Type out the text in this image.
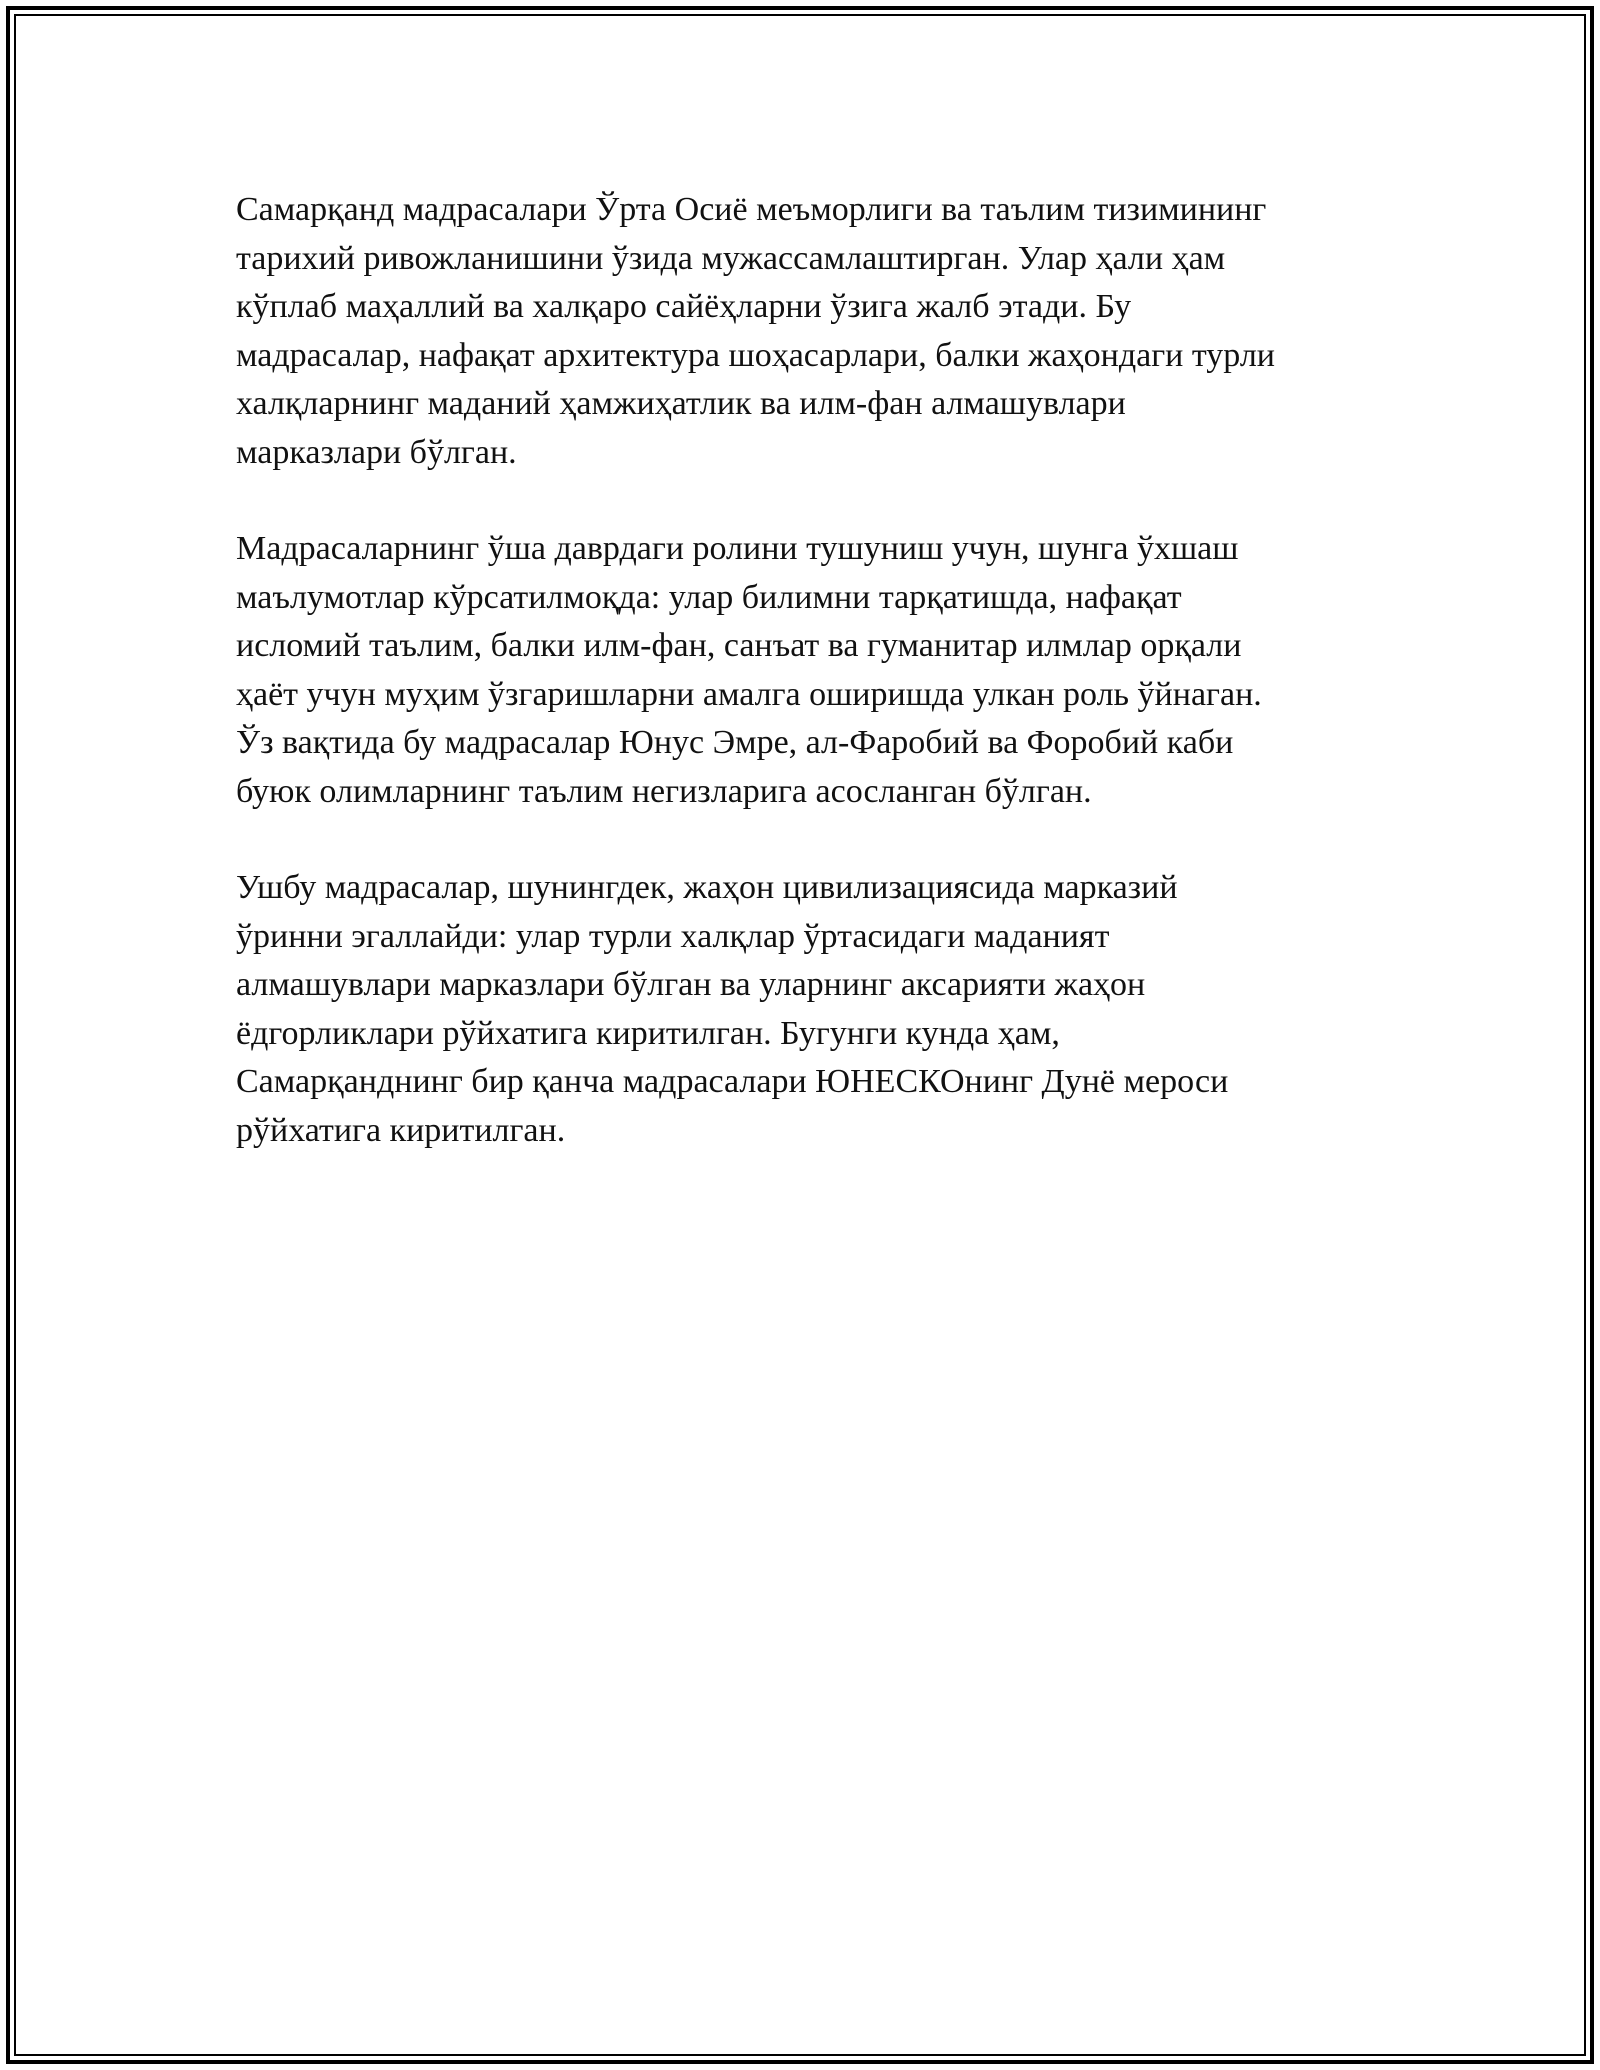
Самарқанд мадрасалари Ўрта Осиё меъморлиги ва таълим тизимининг
тарихий ривожланишини ўзида мужассамлаштирган. Улар ҳали ҳам
кўплаб маҳаллий ва халқаро сайёҳларни ўзига жалб этади. Бу
мадрасалар, нафақат архитектура шоҳасарлари, балки жаҳондаги турли
халқларнинг маданий ҳамжиҳатлик ва илм-фан алмашувлари
марказлари бўлган.

Мадрасаларнинг ўша даврдаги ролини тушуниш учун, шунга ўхшаш
маълумотлар кўрсатилмоқда: улар билимни тарқатишда, нафақат
исломий таълим, балки илм-фан, санъат ва гуманитар илмлар орқали
ҳаёт учун муҳим ўзгаришларни амалга оширишда улкан роль ўйнаган.
Ўз вақтида бу мадрасалар Юнус Эмре, ал-Фаробий ва Форобий каби
буюк олимларнинг таълим негизларига асосланган бўлган.

Ушбу мадрасалар, шунингдек, жаҳон цивилизациясида марказий
ўринни эгаллайди: улар турли халқлар ўртасидаги маданият
алмашувлари марказлари бўлган ва уларнинг аксарияти жаҳон
ёдгорликлари рўйхатига киритилган. Бугунги кунда ҳам,
Самарқанднинг бир қанча мадрасалари ЮНЕСКОнинг Дунё мероси
рўйхатига киритилган.
